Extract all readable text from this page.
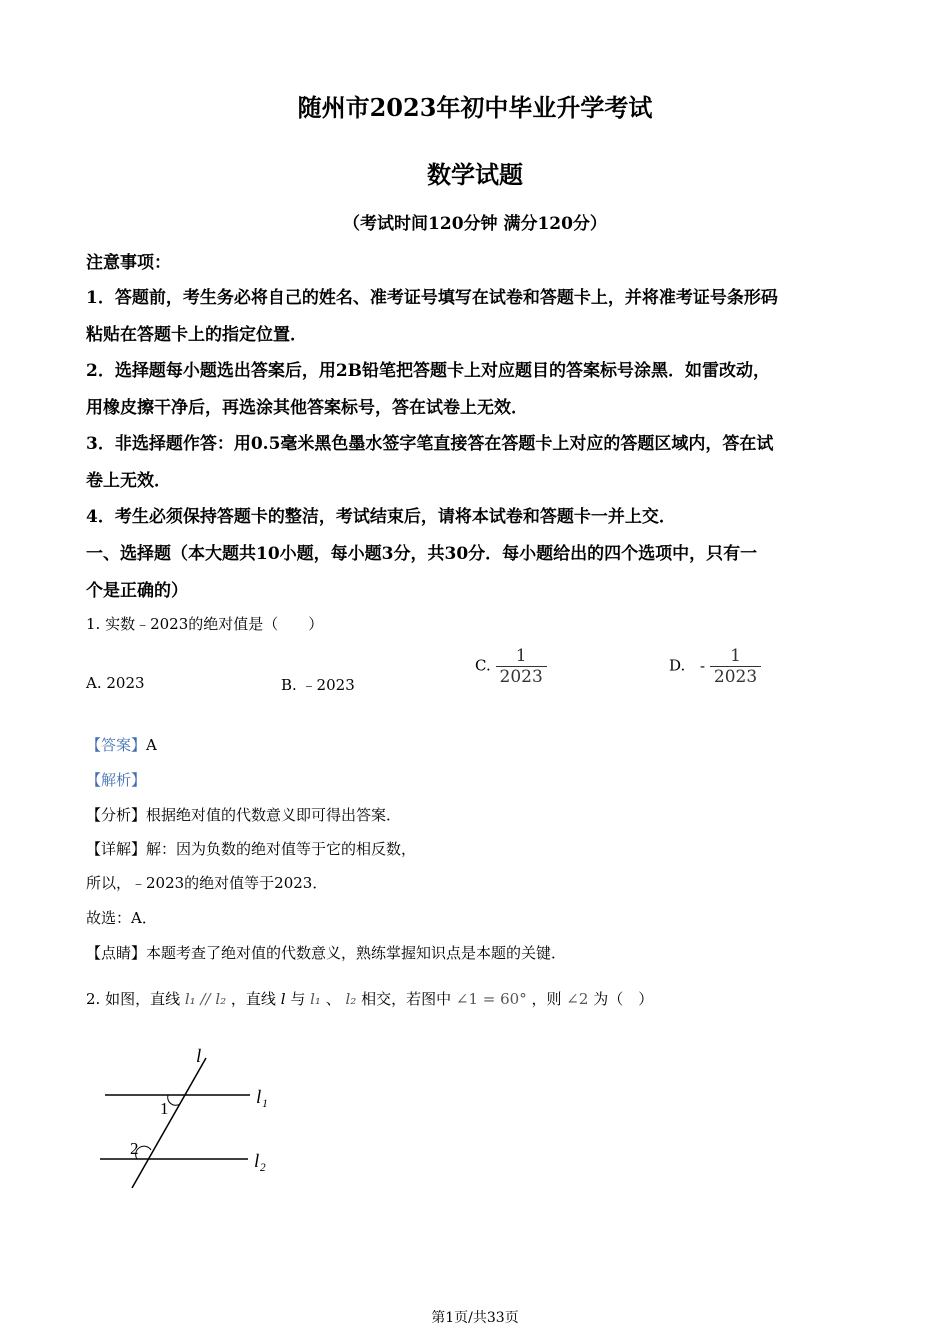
随州市2023年初中毕业升学考试
数学试题
（考试时间120分钟 满分120分）
注意事项：
1．答题前，考生务必将自己的姓名、准考证号填写在试卷和答题卡上，并将准考证号条形码
粘贴在答题卡上的指定位置．
2．选择题每小题选出答案后，用2B铅笔把答题卡上对应题目的答案标号涂黑．如雷改动，
用橡皮擦干净后，再选涂其他答案标号，答在试卷上无效．
3．非选择题作答：用0.5毫米黑色墨水签字笔直接答在答题卡上对应的答题区域内，答在试
卷上无效．
4．考生必须保持答题卡的整洁，考试结束后，请将本试卷和答题卡一并上交．
一、选择题（本大题共10小题，每小题3分，共30分．每小题给出的四个选项中，只有一
个是正确的）
1. 实数﹣2023的绝对值是（　　）
A. 2023	B. ﹣2023
C. $\frac{1}{2023}$	D. - $\frac{1}{2023}$
【答案】A
【解析】
【分析】根据绝对值的代数意义即可得出答案．
【详解】解：因为负数的绝对值等于它的相反数，
所以，﹣2023的绝对值等于2023．
故选：A．
【点睛】本题考查了绝对值的代数意义，熟练掌握知识点是本题的关键．
2. 如图，直线 l₁ // l₂ ，直线 l 与 l₁ 、 l₂ 相交，若图中 ∠1 = 60° ，则 ∠2 为（　）
l
l₁
l₂
1
2
第1页/共33页
